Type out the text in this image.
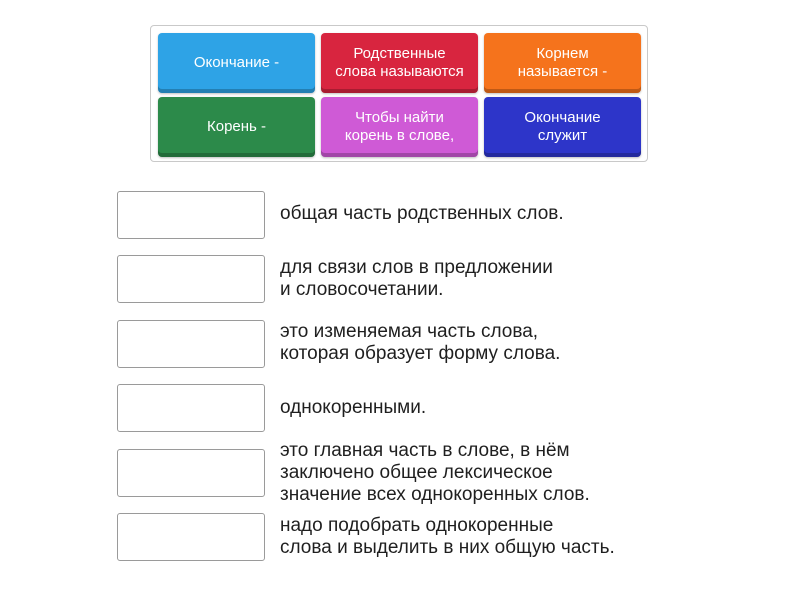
Окончание -
Родственные
слова называются
Корнем
называется -
Корень -
Чтобы найти
корень в слове,
Окончание
служит
общая часть родственных слов.
для связи слов в предложении
и словосочетании.
это изменяемая часть слова,
которая образует форму слова.
однокоренными.
это главная часть в слове, в нём
заключено общее лексическое
значение всех однокоренных слов.
надо подобрать однокоренные
слова и выделить в них общую часть.
